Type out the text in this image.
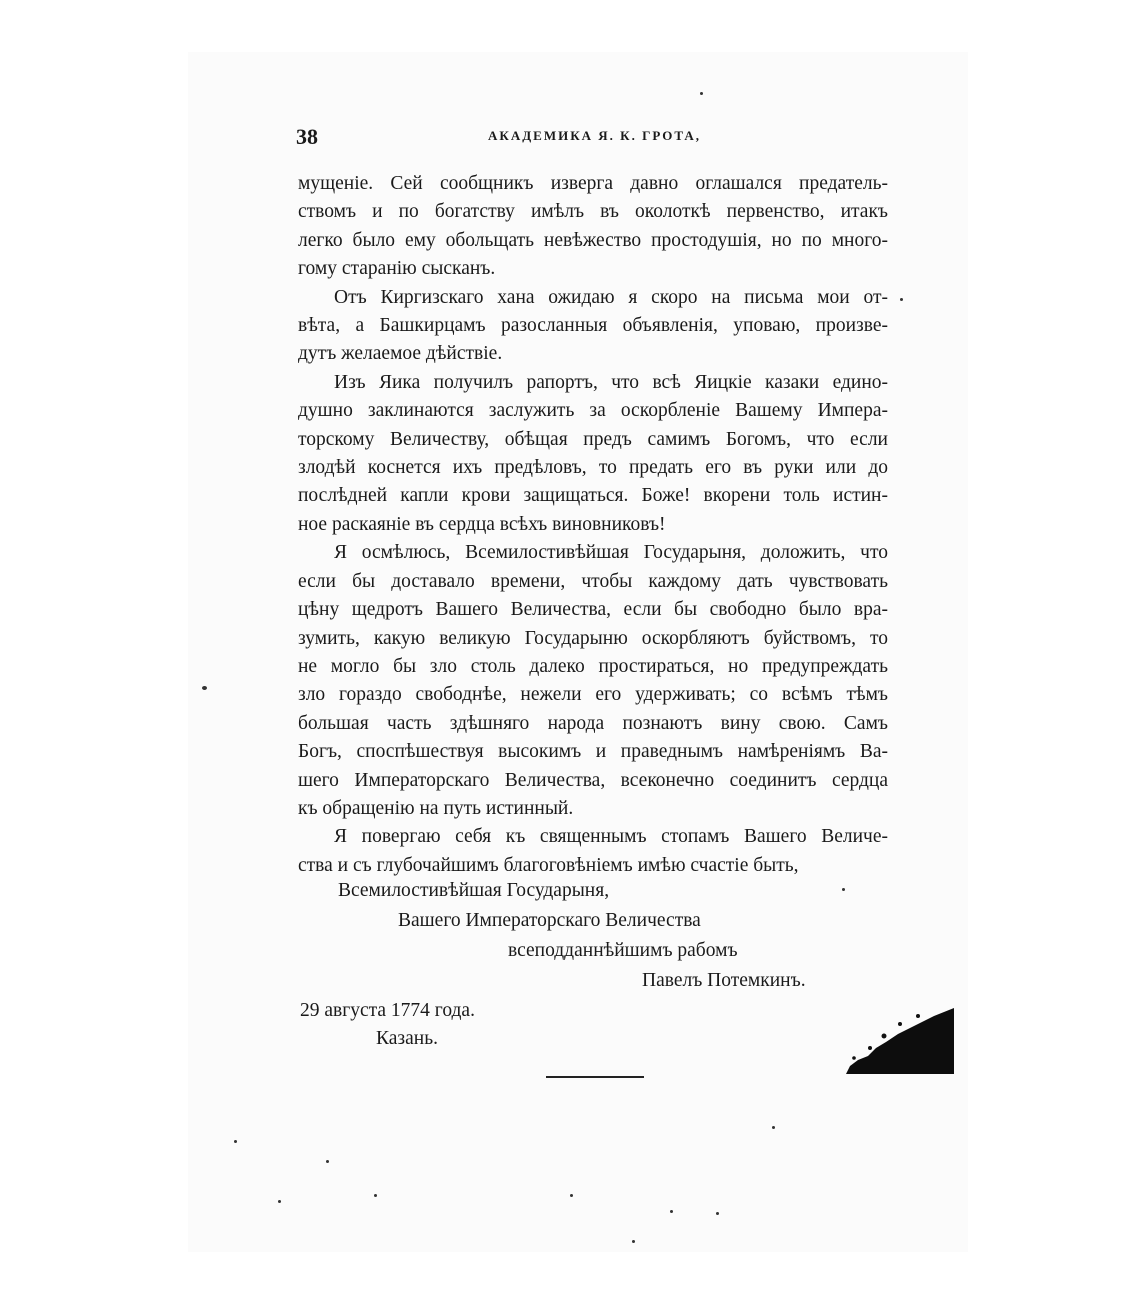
38	АКАДЕМИКА Я. К. ГРОТА,
мущеніе. Сей сообщникъ изверга давно оглашался предатель-
ствомъ и по богатству имѣлъ въ околоткѣ первенство, итакъ
легко было ему обольщать невѣжество простодушія, но по много-
гому старанію сысканъ.
Отъ Киргизскаго хана ожидаю я скоро на письма мои от-
вѣта, а Башкирцамъ разосланныя объявленія, уповаю, произве-
дутъ желаемое дѣйствіе.
Изъ Яика получилъ рапортъ, что всѣ Яицкіе казаки едино-
душно заклинаются заслужить за оскорбленіе Вашему Импера-
торскому Величеству, обѣщая предъ самимъ Богомъ, что если
злодѣй коснется ихъ предѣловъ, то предать его въ руки или до
послѣдней капли крови защищаться. Боже! вкорени толь истин-
ное раскаяніе въ сердца всѣхъ виновниковъ!
Я осмѣлюсь, Всемилостивѣйшая Государыня, доложить, что
если бы доставало времени, чтобы каждому дать чувствовать
цѣну щедротъ Вашего Величества, если бы свободно было вра-
зумить, какую великую Государыню оскорбляютъ буйствомъ, то
не могло бы зло столь далеко простираться, но предупреждать
зло гораздо свободнѣе, нежели его удерживать; со всѣмъ тѣмъ
большая часть здѣшняго народа познаютъ вину свою. Самъ
Богъ, споспѣшествуя высокимъ и праведнымъ намѣреніямъ Ва-
шего Императорскаго Величества, всеконечно соединитъ сердца
къ обращенію на путь истинный.
Я повергаю себя къ священнымъ стопамъ Вашего Величе-
ства и съ глубочайшимъ благоговѣніемъ имѣю счастіе быть,
Всемилостивѣйшая Государыня,
Вашего Императорскаго Величества
всеподданнѣйшимъ рабомъ
Павелъ Потемкинъ.
29 августа 1774 года.
Казань.
